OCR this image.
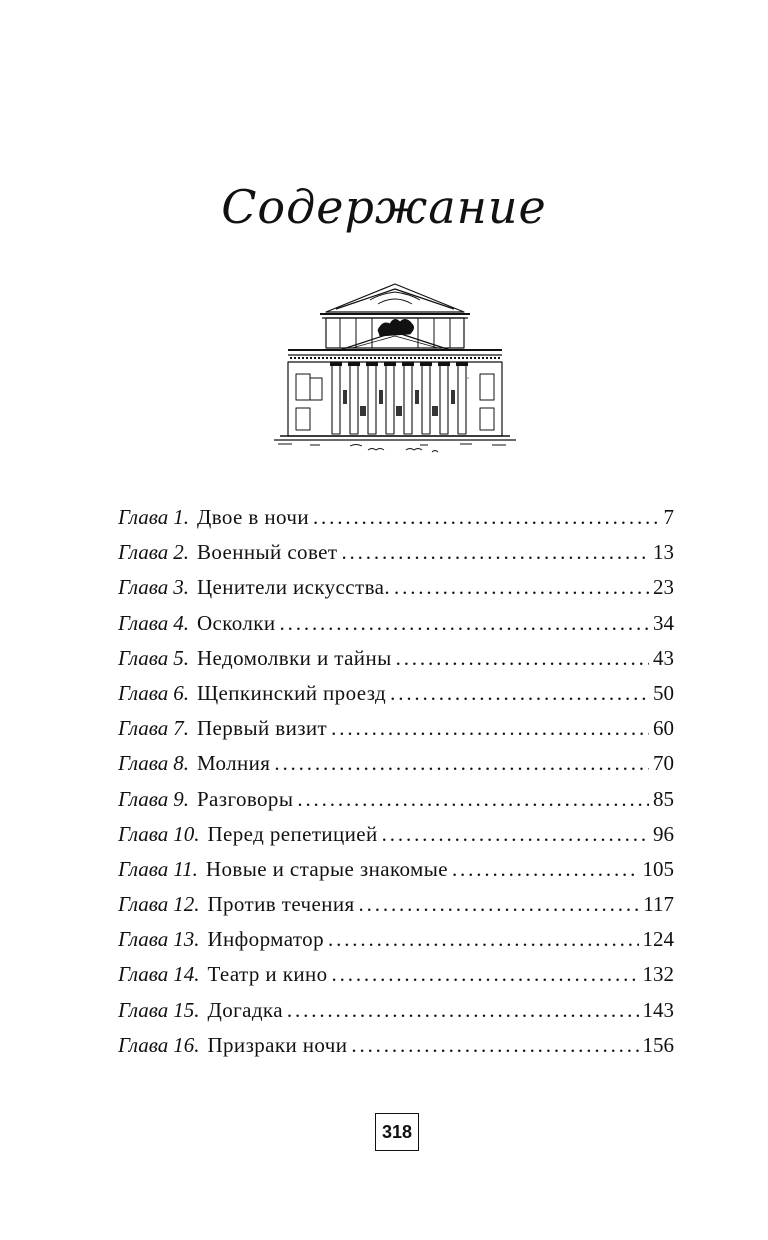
Содержание
Глава 1. Двое в ночи . . .	7
Глава 2. Военный совет . . .	13
Глава 3. Ценители искусства. . . .	23
Глава 4. Осколки . . .	34
Глава 5. Недомолвки и тайны . . .	43
Глава 6. Щепкинский проезд . . .	50
Глава 7. Первый визит . . .	60
Глава 8. Молния . . .	70
Глава 9. Разговоры . . .	85
Глава 10. Перед репетицией . . .	96
Глава 11. Новые и старые знакомые . . .	105
Глава 12. Против течения . . .	117
Глава 13. Информатор . . .	124
Глава 14. Театр и кино . . .	132
Глава 15. Догадка . . .	143
Глава 16. Призраки ночи . . .	156
318
